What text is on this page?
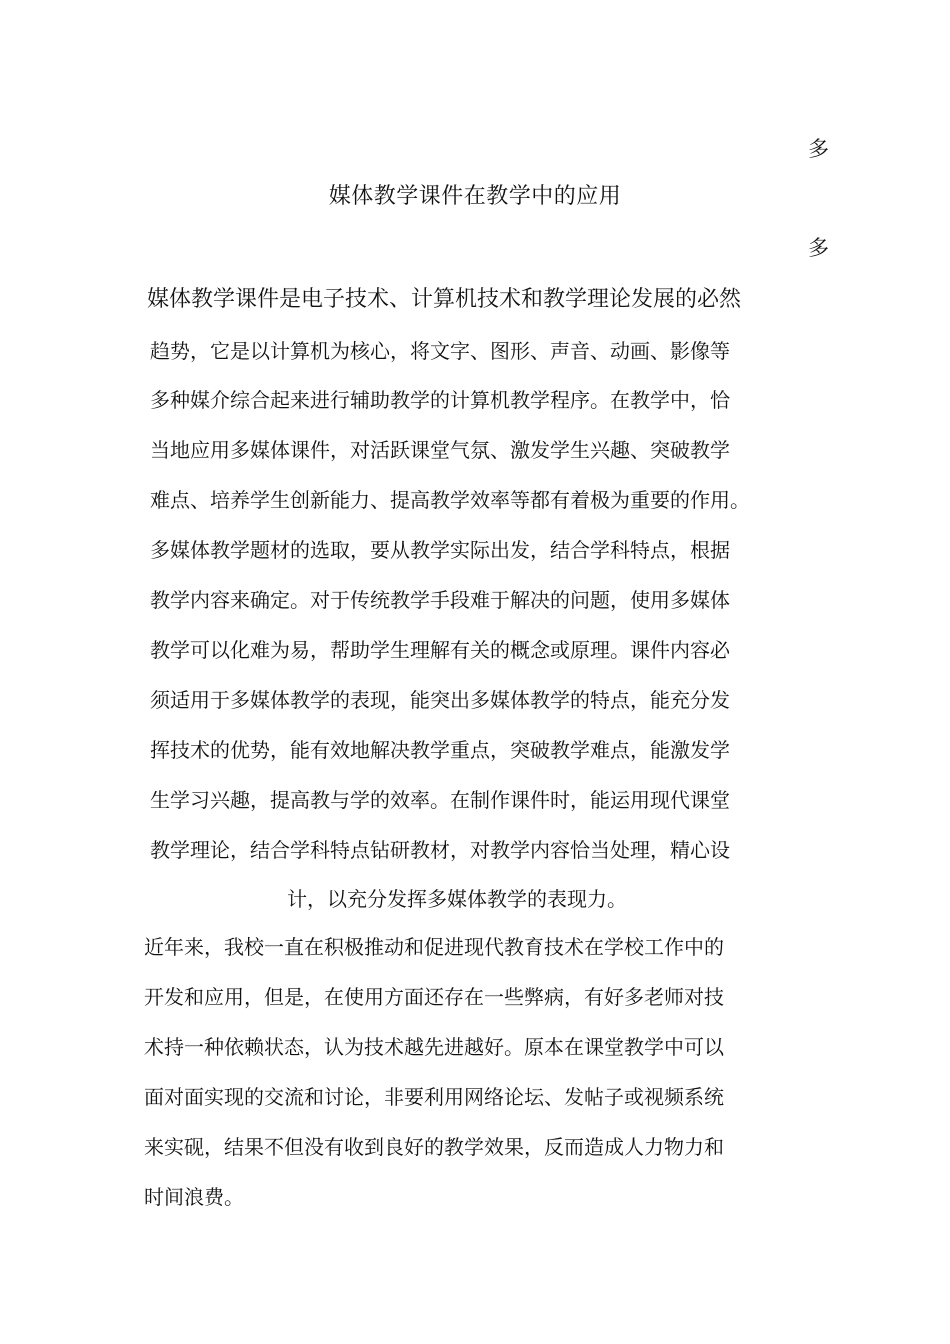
多
媒体教学课件在教学中的应用
多
媒体教学课件是电子技术、计算机技术和教学理论发展的必然
趋势，它是以计算机为核心，将文字、图形、声音、动画、影像等
多种媒介综合起来进行辅助教学的计算机教学程序。在教学中，恰
当地应用多媒体课件，对活跃课堂气氛、激发学生兴趣、突破教学
难点、培养学生创新能力、提高教学效率等都有着极为重要的作用。
多媒体教学题材的选取，要从教学实际出发，结合学科特点，根据
教学内容来确定。对于传统教学手段难于解决的问题，使用多媒体
教学可以化难为易，帮助学生理解有关的概念或原理。课件内容必
须适用于多媒体教学的表现，能突出多媒体教学的特点，能充分发
挥技术的优势，能有效地解决教学重点，突破教学难点，能激发学
生学习兴趣，提高教与学的效率。在制作课件时，能运用现代课堂
教学理论，结合学科特点钻研教材，对教学内容恰当处理，精心设
计，以充分发挥多媒体教学的表现力。
近年来，我校一直在积极推动和促进现代教育技术在学校工作中的
开发和应用，但是，在使用方面还存在一些弊病，有好多老师对技
术持一种依赖状态，认为技术越先进越好。原本在课堂教学中可以
面对面实现的交流和讨论，非要利用网络论坛、发帖子或视频系统
来实砚，结果不但没有收到良好的教学效果，反而造成人力物力和
时间浪费。
